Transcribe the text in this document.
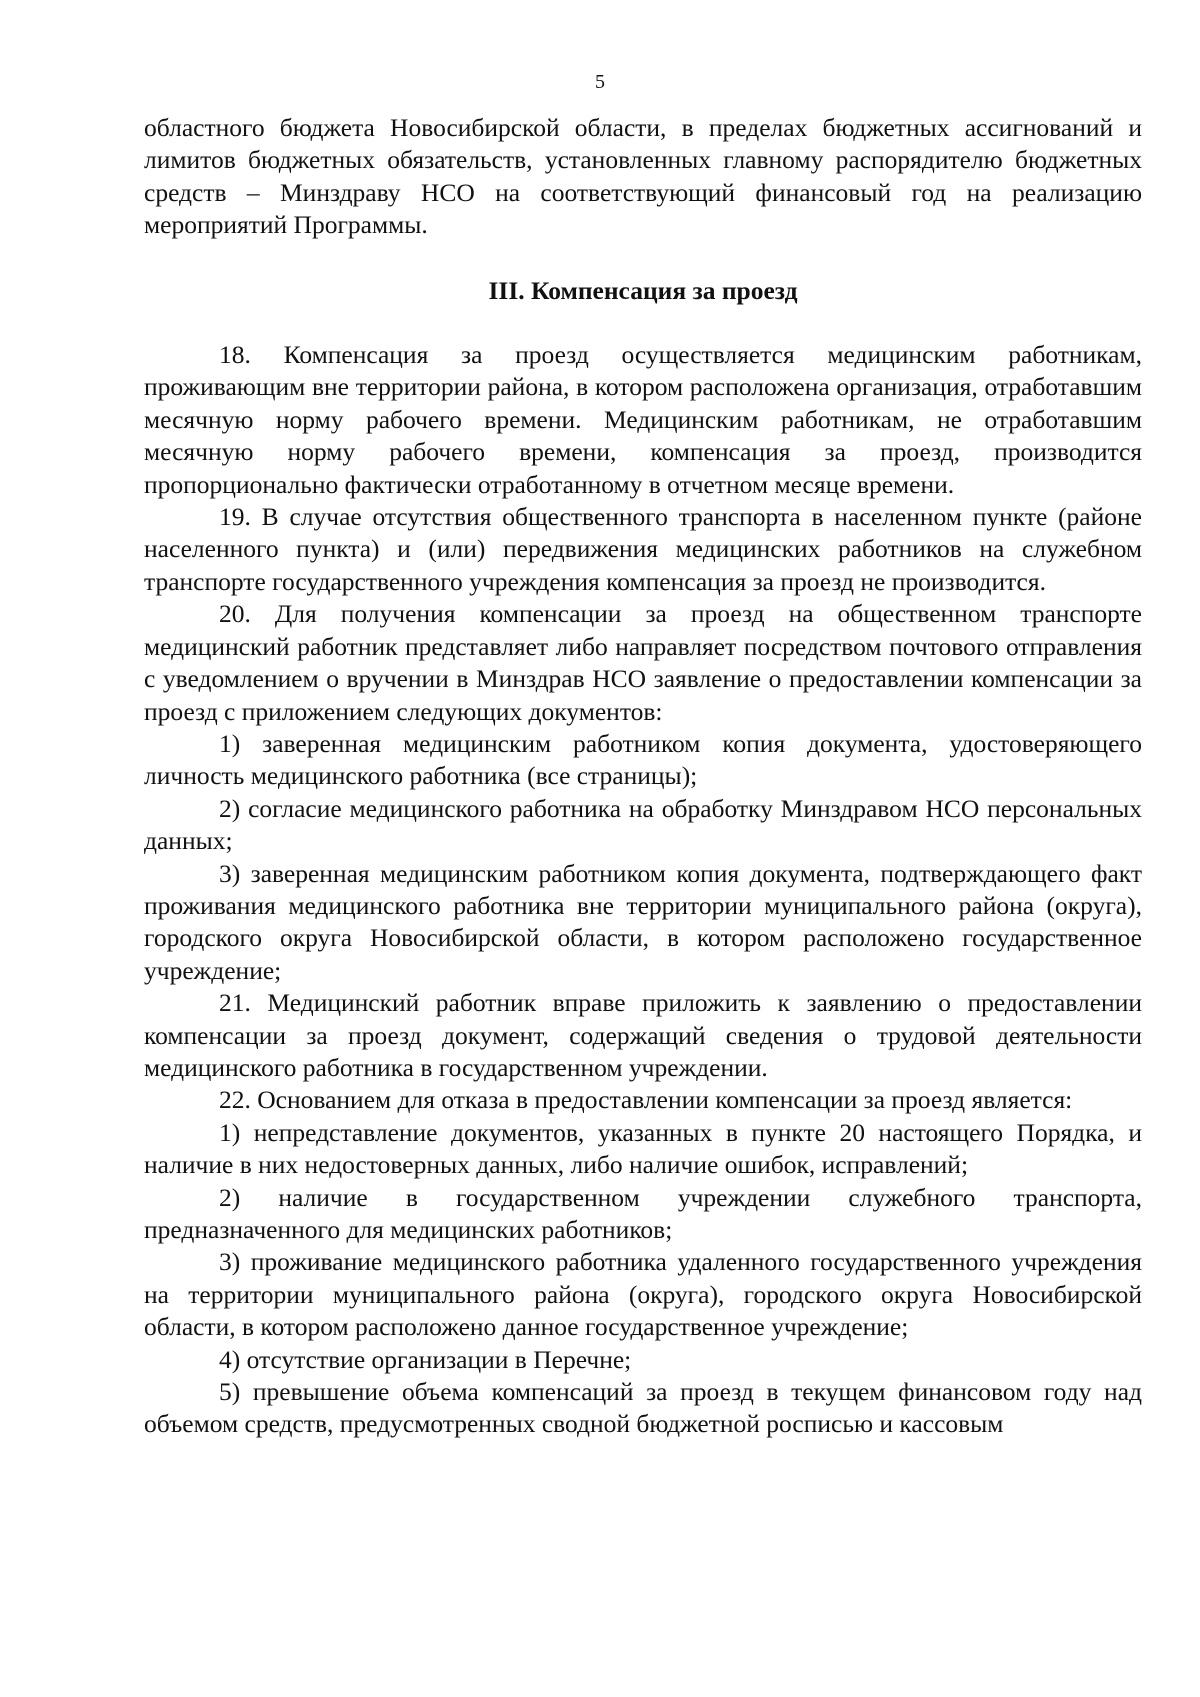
5

областного бюджета Новосибирской области, в пределах бюджетных ассигнований и лимитов бюджетных обязательств, установленных главному распорядителю бюджетных средств – Минздраву НСО на соответствующий финансовый год на реализацию мероприятий Программы.

III. Компенсация за проезд

18. Компенсация за проезд осуществляется медицинским работникам, проживающим вне территории района, в котором расположена организация, отработавшим месячную норму рабочего времени. Медицинским работникам, не отработавшим месячную норму рабочего времени, компенсация за проезд, производится пропорционально фактически отработанному в отчетном месяце времени.

19. В случае отсутствия общественного транспорта в населенном пункте (районе населенного пункта) и (или) передвижения медицинских работников на служебном транспорте государственного учреждения компенсация за проезд не производится.

20. Для получения компенсации за проезд на общественном транспорте медицинский работник представляет либо направляет посредством почтового отправления с уведомлением о вручении в Минздрав НСО заявление о предоставлении компенсации за проезд с приложением следующих документов:

1) заверенная медицинским работником копия документа, удостоверяющего личность медицинского работника (все страницы);

2) согласие медицинского работника на обработку Минздравом НСО персональных данных;

3) заверенная медицинским работником копия документа, подтверждающего факт проживания медицинского работника вне территории муниципального района (округа), городского округа Новосибирской области, в котором расположено государственное учреждение;

21. Медицинский работник вправе приложить к заявлению о предоставлении компенсации за проезд документ, содержащий сведения о трудовой деятельности медицинского работника в государственном учреждении.

22. Основанием для отказа в предоставлении компенсации за проезд является:

1) непредставление документов, указанных в пункте 20 настоящего Порядка, и наличие в них недостоверных данных, либо наличие ошибок, исправлений;

2) наличие в государственном учреждении служебного транспорта, предназначенного для медицинских работников;

3) проживание медицинского работника удаленного государственного учреждения на территории муниципального района (округа), городского округа Новосибирской области, в котором расположено данное государственное учреждение;

4) отсутствие организации в Перечне;

5) превышение объема компенсаций за проезд в текущем финансовом году над объемом средств, предусмотренных сводной бюджетной росписью и кассовым
